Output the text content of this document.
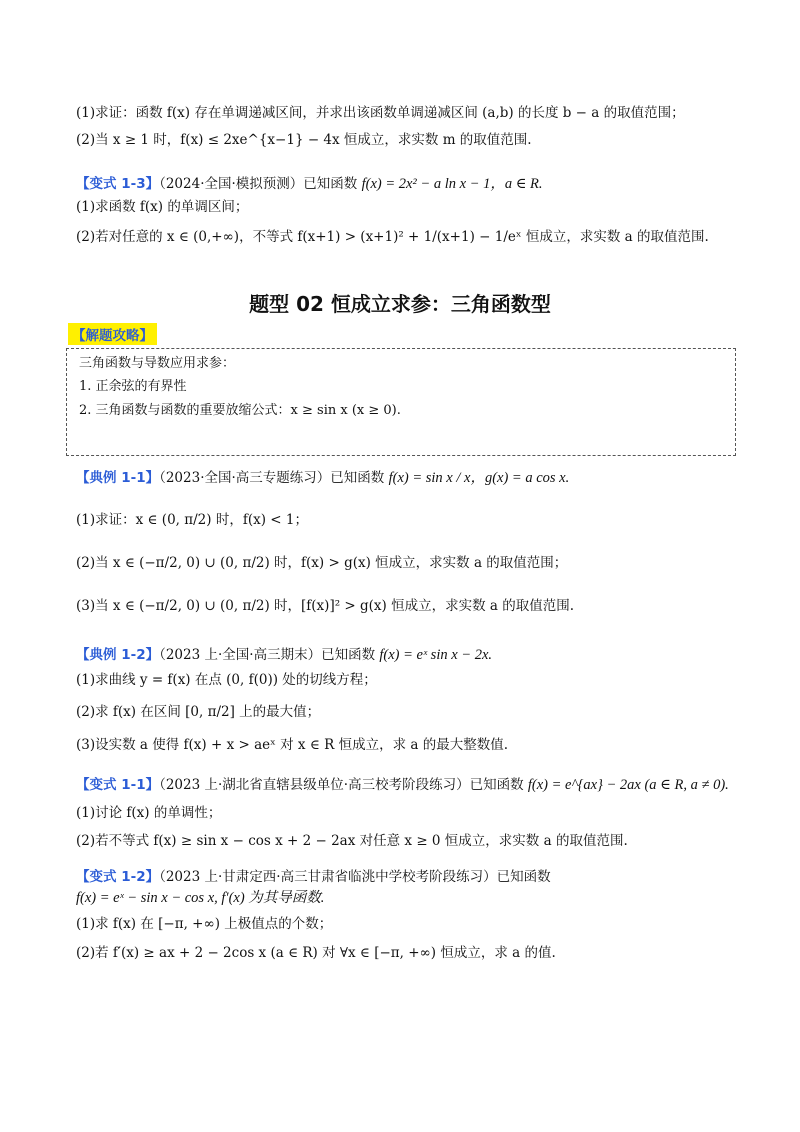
(1)求证：函数 f(x) 存在单调递减区间，并求出该函数单调递减区间 (a,b) 的长度 b − a 的取值范围；
(2)当 x ≥ 1 时，f(x) ≤ 2xe^{x−1} − 4x 恒成立，求实数 m 的取值范围.
【变式 1-3】（2024·全国·模拟预测）已知函数 f(x) = 2x² − a ln x − 1，a ∈ R.
(1)求函数 f(x) 的单调区间；
(2)若对任意的 x ∈ (0,+∞)，不等式 f(x+1) > (x+1)² + 1/(x+1) − 1/eˣ 恒成立，求实数 a 的取值范围.
题型 02 恒成立求参：三角函数型
【解题攻略】
三角函数与导数应用求参：
1. 正余弦的有界性
2. 三角函数与函数的重要放缩公式：x ≥ sin x (x ≥ 0).
【典例 1-1】（2023·全国·高三专题练习）已知函数 f(x) = sin x / x，g(x) = a cos x.
(1)求证：x ∈ (0, π/2) 时，f(x) < 1；
(2)当 x ∈ (−π/2, 0) ∪ (0, π/2) 时，f(x) > g(x) 恒成立，求实数 a 的取值范围；
(3)当 x ∈ (−π/2, 0) ∪ (0, π/2) 时，[f(x)]² > g(x) 恒成立，求实数 a 的取值范围.
【典例 1-2】（2023 上·全国·高三期末）已知函数 f(x) = eˣ sin x − 2x.
(1)求曲线 y = f(x) 在点 (0, f(0)) 处的切线方程；
(2)求 f(x) 在区间 [0, π/2] 上的最大值；
(3)设实数 a 使得 f(x) + x > aeˣ 对 x ∈ R 恒成立，求 a 的最大整数值.
【变式 1-1】（2023 上·湖北省直辖县级单位·高三校考阶段练习）已知函数 f(x) = e^{ax} − 2ax (a ∈ R, a ≠ 0).
(1)讨论 f(x) 的单调性；
(2)若不等式 f(x) ≥ sin x − cos x + 2 − 2ax 对任意 x ≥ 0 恒成立，求实数 a 的取值范围.
【变式 1-2】（2023 上·甘肃定西·高三甘肃省临洮中学校考阶段练习）已知函数
f(x) = eˣ − sin x − cos x, f′(x) 为其导函数.
(1)求 f(x) 在 [−π, +∞) 上极值点的个数；
(2)若 f′(x) ≥ ax + 2 − 2cos x (a ∈ R) 对 ∀x ∈ [−π, +∞) 恒成立，求 a 的值.
